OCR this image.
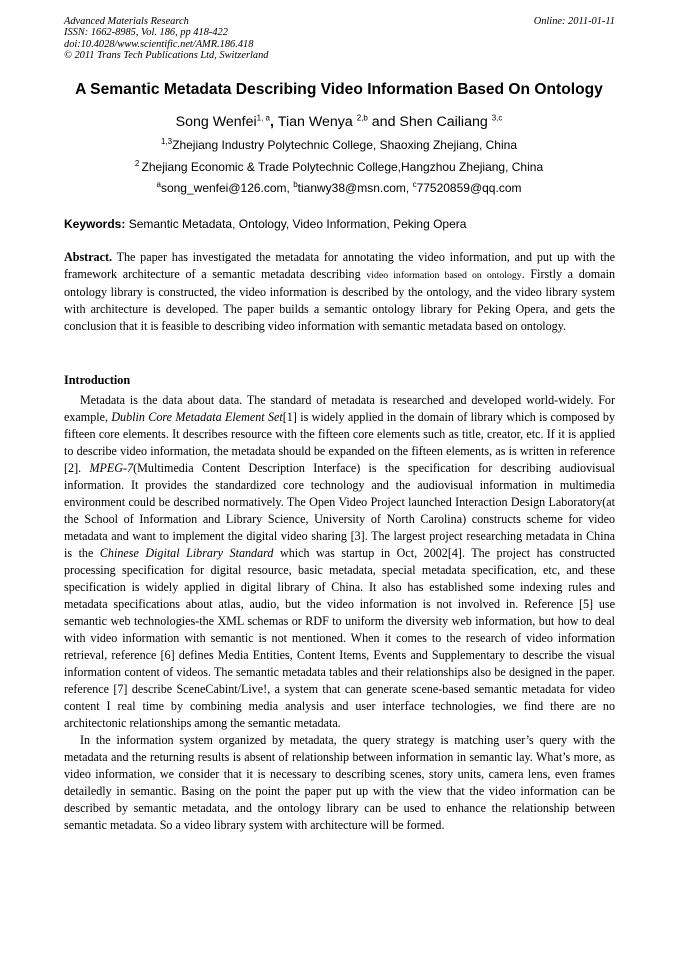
Advanced Materials Research
ISSN: 1662-8985, Vol. 186, pp 418-422
doi:10.4028/www.scientific.net/AMR.186.418
© 2011 Trans Tech Publications Ltd, Switzerland
Online: 2011-01-11
A Semantic Metadata Describing Video Information Based On Ontology
Song Wenfei$^{1, a}$, Tian Wenya $^{2,b}$ and Shen Cailiang $^{3,c}$
$^{1,3}$Zhejiang Industry Polytechnic College, Shaoxing Zhejiang, China
$^2$ Zhejiang Economic & Trade Polytechnic College,Hangzhou Zhejiang, China
$^a$song_wenfei@126.com, $^b$tianwy38@msn.com, $^c$77520859@qq.com
Keywords: Semantic Metadata, Ontology, Video Information, Peking Opera
Abstract. The paper has investigated the metadata for annotating the video information, and put up with the framework architecture of a semantic metadata describing video information based on ontology. Firstly a domain ontology library is constructed, the video information is described by the ontology, and the video library system with architecture is developed. The paper builds a semantic ontology library for Peking Opera, and gets the conclusion that it is feasible to describing video information with semantic metadata based on ontology.
Introduction

Metadata is the data about data. The standard of metadata is researched and developed world-widely. For example, Dublin Core Metadata Element Set[1] is widely applied in the domain of library which is composed by fifteen core elements. It describes resource with the fifteen core elements such as title, creator, etc. If it is applied to describe video information, the metadata should be expanded on the fifteen elements, as is written in reference [2]. MPEG-7(Multimedia Content Description Interface) is the specification for describing audiovisual information. It provides the standardized core technology and the audiovisual information in multimedia environment could be described normatively. The Open Video Project launched Interaction Design Laboratory(at the School of Information and Library Science, University of North Carolina) constructs scheme for video metadata and want to implement the digital video sharing [3]. The largest project researching metadata in China is the Chinese Digital Library Standard which was startup in Oct, 2002[4]. The project has constructed processing specification for digital resource, basic metadata, special metadata specification, etc, and these specification is widely applied in digital library of China. It also has established some indexing rules and metadata specifications about atlas, audio, but the video information is not involved in. Reference [5] use semantic web technologies-the XML schemas or RDF to uniform the diversity web information, but how to deal with video information with semantic is not mentioned. When it comes to the research of video information retrieval, reference [6] defines Media Entities, Content Items, Events and Supplementary to describe the visual information content of videos. The semantic metadata tables and their relationships also be designed in the paper. reference [7] describe SceneCabint/Live!, a system that can generate scene-based semantic metadata for video content I real time by combining media analysis and user interface technologies, we find there are no architectonic relationships among the semantic metadata.

In the information system organized by metadata, the query strategy is matching user’s query with the metadata and the returning results is absent of relationship between information in semantic lay. What’s more, as video information, we consider that it is necessary to describing scenes, story units, camera lens, even frames detailedly in semantic. Basing on the point the paper put up with the view that the video information can be described by semantic metadata, and the ontology library can be used to enhance the relationship between semantic metadata. So a video library system with architecture will be formed.
